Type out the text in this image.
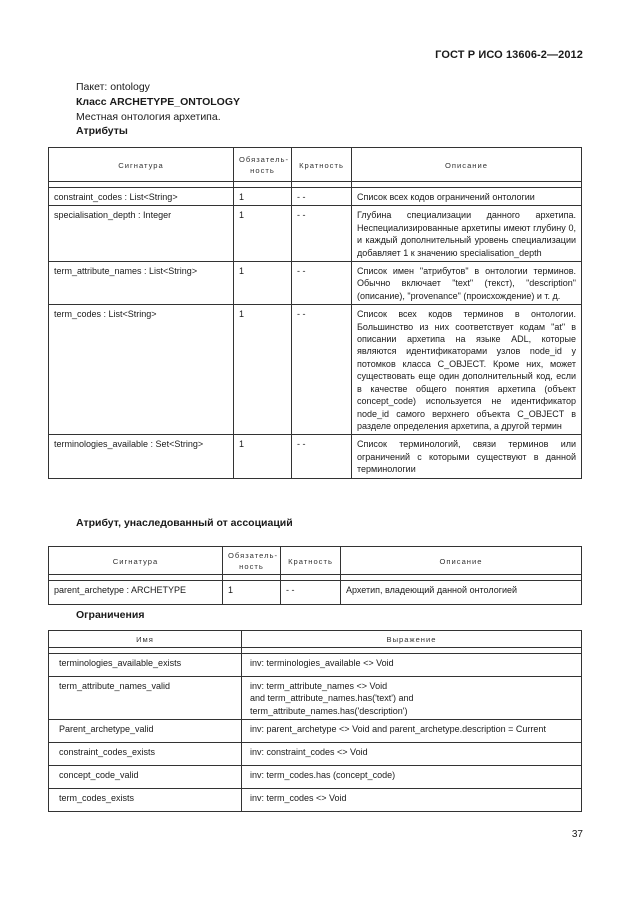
ГОСТ Р ИСО 13606-2—2012
Пакет: ontology
Класс ARCHETYPE_ONTOLOGY
Местная онтология архетипа.
Атрибуты
Сигнатура	Обязатель-ность	Кратность	Описание

constraint_codes : List<String>	1	- -	Список всех кодов ограничений онтологии
specialisation_depth : Integer	1	- -	Глубина специализации данного архетипа. Неспециализированные архетипы имеют глубину 0, и каждый дополнительный уровень специализации добавляет 1 к значению specialisation_depth
term_attribute_names : List<String>	1	- -	Список имен "атрибутов" в онтологии терминов. Обычно включает "text" (текст), "description" (описание), "provenance" (происхождение) и т. д.
term_codes : List<String>	1	- -	Список всех кодов терминов в онтологии. Большинство из них соответствует кодам "at" в описании архетипа на языке ADL, которые являются идентификаторами узлов node_id у потомков класса C_OBJECT. Кроме них, может существовать еще один дополнительный код, если в качестве общего понятия архетипа (объект concept_code) используется не идентификатор node_id самого верхнего объекта C_OBJECT в разделе определения архетипа, а другой термин
terminologies_available : Set<String>	1	- -	Список терминологий, связи терминов или ограничений с которыми существуют в данной терминологии
Атрибут, унаследованный от ассоциаций
Сигнатура	Обязатель-ность	Кратность	Описание

parent_archetype : ARCHETYPE	1	- -	Архетип, владеющий данной онтологией
Ограничения
Имя	Выражение

terminologies_available_exists	inv: terminologies_available <> Void
term_attribute_names_valid	inv: term_attribute_names <> Void
and term_attribute_names.has('text') and
term_attribute_names.has('description')
Parent_archetype_valid	inv: parent_archetype <> Void and parent_archetype.description = Current
constraint_codes_exists	inv: constraint_codes <> Void
concept_code_valid	inv: term_codes.has (concept_code)
term_codes_exists	inv: term_codes <> Void
37
